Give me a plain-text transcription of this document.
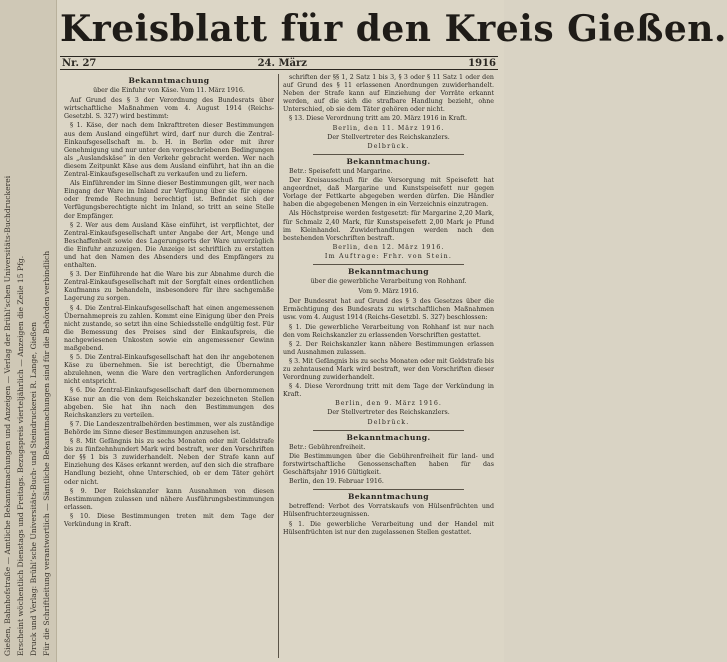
Gießen, Bahnhofstraße — Amtliche Bekanntmachungen und Anzeigen — Verlag der Brühl’schen Universitäts-Buchdruckerei Erscheint wöchentlich Dienstags und Freitags. Bezugspreis vierteljährlich — Anzeigen die Zeile 15 Pfg. Druck und Verlag: Brühl’sche Universitäts-Buch- und Steindruckerei R. Lange, Gießen Für die Schriftleitung verantwortlich — Sämtliche Bekanntmachungen sind für die Behörden verbindlich
Kreisblatt für den Kreis Gießen.
Nr. 27	24. März	1916
Bekanntmachung
über die Einfuhr von Käse. Vom 11. März 1916.

Auf Grund des § 3 der Verordnung des Bundesrats über wirtschaftliche Maßnahmen vom 4. August 1914 (Reichs-Gesetzbl. S. 327) wird bestimmt:

§ 1. Käse, der nach dem Inkrafttreten dieser Bestimmungen aus dem Ausland eingeführt wird, darf nur durch die Zentral-Einkaufsgesellschaft m. b. H. in Berlin oder mit ihrer Genehmigung und nur unter den vorgeschriebenen Bedingungen als „Auslandskäse“ in den Verkehr gebracht werden. Wer nach diesem Zeitpunkt Käse aus dem Ausland einführt, hat ihn an die Zentral-Einkaufsgesellschaft zu verkaufen und zu liefern.

Als Einführender im Sinne dieser Bestimmungen gilt, wer nach Eingang der Ware im Inland zur Verfügung über sie für eigene oder fremde Rechnung berechtigt ist. Befindet sich der Verfügungsberechtigte nicht im Inland, so tritt an seine Stelle der Empfänger.

§ 2. Wer aus dem Ausland Käse einführt, ist verpflichtet, der Zentral-Einkaufsgesellschaft unter Angabe der Art, Menge und Beschaffenheit sowie des Lagerungsorts der Ware unverzüglich die Einfuhr anzuzeigen. Die Anzeige ist schriftlich zu erstatten und hat den Namen des Absenders und des Empfängers zu enthalten.

§ 3. Der Einführende hat die Ware bis zur Abnahme durch die Zentral-Einkaufsgesellschaft mit der Sorgfalt eines ordentlichen Kaufmanns zu behandeln, insbesondere für ihre sachgemäße Lagerung zu sorgen.

§ 4. Die Zentral-Einkaufsgesellschaft hat einen angemessenen Übernahmepreis zu zahlen. Kommt eine Einigung über den Preis nicht zustande, so setzt ihn eine Schiedsstelle endgültig fest. Für die Bemessung des Preises sind der Einkaufspreis, die nachgewiesenen Unkosten sowie ein angemessener Gewinn maßgebend.

§ 5. Die Zentral-Einkaufsgesellschaft hat den ihr angebotenen Käse zu übernehmen. Sie ist berechtigt, die Übernahme abzulehnen, wenn die Ware den vertraglichen Anforderungen nicht entspricht.

§ 6. Die Zentral-Einkaufsgesellschaft darf den übernommenen Käse nur an die von dem Reichskanzler bezeichneten Stellen abgeben. Sie hat ihn nach den Bestimmungen des Reichskanzlers zu verteilen.

§ 7. Die Landeszentralbehörden bestimmen, wer als zuständige Behörde im Sinne dieser Bestimmungen anzusehen ist.

§ 8. Mit Gefängnis bis zu sechs Monaten oder mit Geldstrafe bis zu fünfzehnhundert Mark wird bestraft, wer den Vorschriften der §§ 1 bis 3 zuwiderhandelt. Neben der Strafe kann auf Einziehung des Käses erkannt werden, auf den sich die strafbare Handlung bezieht, ohne Unterschied, ob er dem Täter gehört oder nicht.

§ 9. Der Reichskanzler kann Ausnahmen von diesen Bestimmungen zulassen und nähere Ausführungsbestimmungen erlassen.

§ 10. Diese Bestimmungen treten mit dem Tage der Verkündung in Kraft.

schriften der §§ 1, 2 Satz 1 bis 3, § 3 oder § 11 Satz 1 oder den auf Grund des § 11 erlassenen Anordnungen zuwiderhandelt. Neben der Strafe kann auf Einziehung der Vorräte erkannt werden, auf die sich die strafbare Handlung bezieht, ohne Unterschied, ob sie dem Täter gehören oder nicht.

§ 13. Diese Verordnung tritt am 20. März 1916 in Kraft.

Berlin, den 11. März 1916.
Der Stellvertreter des Reichskanzlers.
Delbrück.
Bekanntmachung.

Betr.: Speisefett und Margarine.

Der Kreisausschuß für die Versorgung mit Speisefett hat angeordnet, daß Margarine und Kunstspeisefett nur gegen Vorlage der Fettkarte abgegeben werden dürfen. Die Händler haben die abgegebenen Mengen in ein Verzeichnis einzutragen.

Als Höchstpreise werden festgesetzt: für Margarine 2,20 Mark, für Schmalz 2,40 Mark, für Kunstspeisefett 2,00 Mark je Pfund im Kleinhandel. Zuwiderhandlungen werden nach den bestehenden Vorschriften bestraft.

Berlin, den 12. März 1916.
Im Auftrage: Frhr. von Stein.
Bekanntmachung
über die gewerbliche Verarbeitung von Rohhanf.
Vom 9. März 1916.

Der Bundesrat hat auf Grund des § 3 des Gesetzes über die Ermächtigung des Bundesrats zu wirtschaftlichen Maßnahmen usw. vom 4. August 1914 (Reichs-Gesetzbl. S. 327) beschlossen:

§ 1. Die gewerbliche Verarbeitung von Rohhanf ist nur nach den vom Reichskanzler zu erlassenden Vorschriften gestattet.

§ 2. Der Reichskanzler kann nähere Bestimmungen erlassen und Ausnahmen zulassen.

§ 3. Mit Gefängnis bis zu sechs Monaten oder mit Geldstrafe bis zu zehntausend Mark wird bestraft, wer den Vorschriften dieser Verordnung zuwiderhandelt.

§ 4. Diese Verordnung tritt mit dem Tage der Verkündung in Kraft.

Berlin, den 9. März 1916.
Der Stellvertreter des Reichskanzlers.
Delbrück.
Bekanntmachung.

Betr.: Gebührenfreiheit.

Die Bestimmungen über die Gebührenfreiheit für land- und forstwirtschaftliche Genossenschaften haben für das Geschäftsjahr 1916 Gültigkeit.

Berlin, den 19. Februar 1916.

Bekanntmachung

betreffend: Verbot des Vorratskaufs von Hülsenfrüchten und Hülsenfruchterzeugnissen.

§ 1. Die gewerbliche Verarbeitung und der Handel mit Hülsenfrüchten ist nur den zugelassenen Stellen gestattet.
